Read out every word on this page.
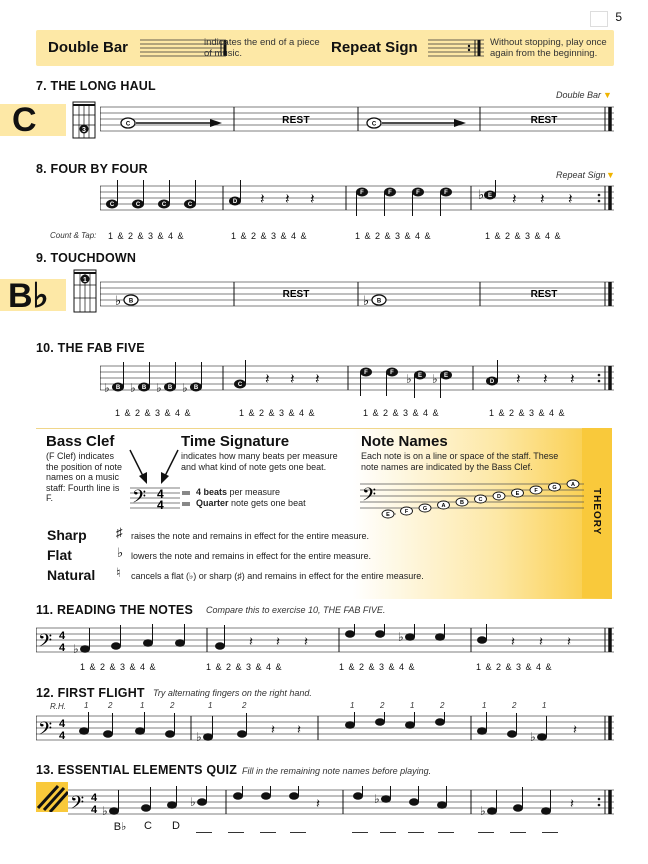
5
Double Bar	indicates the end of a piece of music.	Repeat Sign	Without stopping, play once again from the beginning.
7. THE LONG HAUL
Double Bar ▼
C	3
C	REST	C	REST
8. FOUR BY FOUR	Repeat Sign ▼
C	C	C	C	D
F	F	F	F	E
♭
𝄽 𝄽 𝄽	𝄽 𝄽 𝄽
Count & Tap: 1 & 2 & 3 & 4 &	1 & 2 & 3 & 4 &	1 & 2 & 3 & 4 &	1 & 2 & 3 & 4 &
9. TOUCHDOWN
B♭	1
♭ B
REST	♭ B
REST
10. THE FAB FIVE
♭ ♭ ♭ ♭
♭ ♭
B	B	B	B	C
F	F	E	E
D
𝄽 𝄽 𝄽	𝄽 𝄽 𝄽
1 & 2 & 3 & 4 &	1 & 2 & 3 & 4 &	1 & 2 & 3 & 4 &	1 & 2 & 3 & 4 &
THEORY
Bass Clef
(F Clef) indicates the position of note names on a music staff: Fourth line is F.
Time Signature
indicates how many beats per measure and what kind of note gets one beat.
𝄢 4
4
4 beats per measure
Quarter note gets one beat
Note Names
Each note is on a line or space of the staff. These note names are indicated by the Bass Clef.
𝄢
E	F	G	A	B	C	D	E	F	G	A
Sharp ♯ raises the note and remains in effect for the entire measure.
Flat	♭ lowers the note and remains in effect for the entire measure.
Natural ♮ cancels a flat (♭) or sharp (♯) and remains in effect for the entire measure.
11. READING THE NOTES Compare this to exercise 10, THE FAB FIVE.
𝄢 4
4 ♭	𝄽 𝄽 𝄽	♭	𝄽 𝄽 𝄽
1 & 2 & 3 & 4 &	1 & 2 & 3 & 4 &	1 & 2 & 3 & 4 &	1 & 2 & 3 & 4 &
12. FIRST FLIGHT Try alternating fingers on the right hand.
R.H. 1 2	1	2	1	2	1	2	1	2	1	2	1
𝄢 4
4	♭	𝄽 𝄽	♭	𝄽
13. ESSENTIAL ELEMENTS QUIZ Fill in the remaining note names before playing.
𝄢 4
4 ♭
♭	𝄽	♭
♭	𝄽
B♭	C	D
